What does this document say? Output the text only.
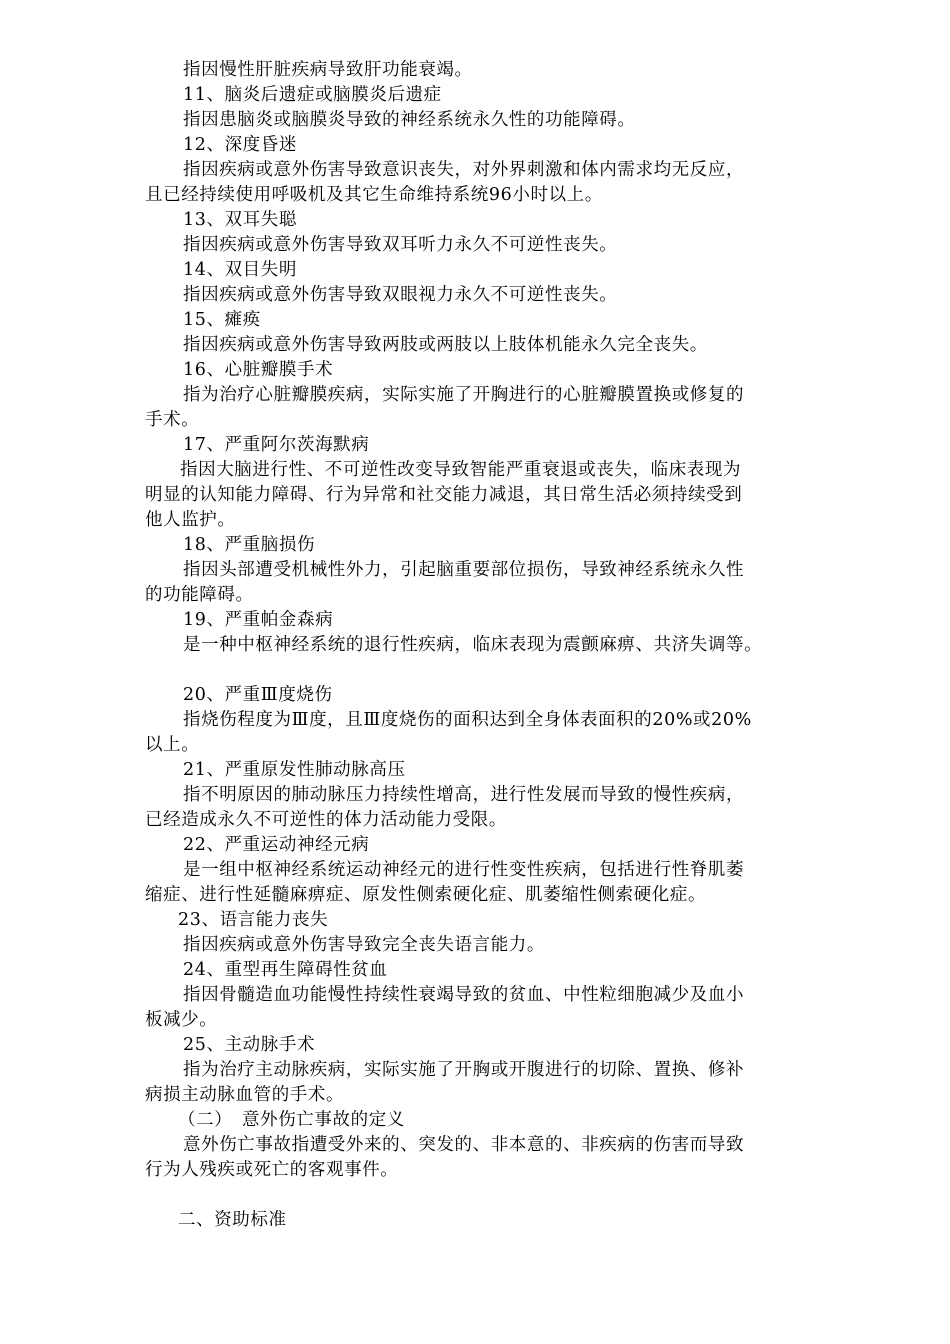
指因慢性肝脏疾病导致肝功能衰竭。
11、脑炎后遗症或脑膜炎后遗症
指因患脑炎或脑膜炎导致的神经系统永久性的功能障碍。
12、深度昏迷
指因疾病或意外伤害导致意识丧失，对外界刺激和体内需求均无反应，
且已经持续使用呼吸机及其它生命维持系统96小时以上。
13、双耳失聪
指因疾病或意外伤害导致双耳听力永久不可逆性丧失。
14、双目失明
指因疾病或意外伤害导致双眼视力永久不可逆性丧失。
15、瘫痪
指因疾病或意外伤害导致两肢或两肢以上肢体机能永久完全丧失。
16、心脏瓣膜手术
指为治疗心脏瓣膜疾病，实际实施了开胸进行的心脏瓣膜置换或修复的
手术。
17、严重阿尔茨海默病
指因大脑进行性、不可逆性改变导致智能严重衰退或丧失，临床表现为
明显的认知能力障碍、行为异常和社交能力减退，其日常生活必须持续受到
他人监护。
18、严重脑损伤
指因头部遭受机械性外力，引起脑重要部位损伤，导致神经系统永久性
的功能障碍。
19、严重帕金森病
是一种中枢神经系统的退行性疾病，临床表现为震颤麻痹、共济失调等。
20、严重Ⅲ度烧伤
指烧伤程度为Ⅲ度，且Ⅲ度烧伤的面积达到全身体表面积的20%或20%
以上。
21、严重原发性肺动脉高压
指不明原因的肺动脉压力持续性增高，进行性发展而导致的慢性疾病，
已经造成永久不可逆性的体力活动能力受限。
22、严重运动神经元病
是一组中枢神经系统运动神经元的进行性变性疾病，包括进行性脊肌萎
缩症、进行性延髓麻痹症、原发性侧索硬化症、肌萎缩性侧索硬化症。
23、语言能力丧失
指因疾病或意外伤害导致完全丧失语言能力。
24、重型再生障碍性贫血
指因骨髓造血功能慢性持续性衰竭导致的贫血、中性粒细胞减少及血小
板减少。
25、主动脉手术
指为治疗主动脉疾病，实际实施了开胸或开腹进行的切除、置换、修补
病损主动脉血管的手术。
（二） 意外伤亡事故的定义
意外伤亡事故指遭受外来的、突发的、非本意的、非疾病的伤害而导致
行为人残疾或死亡的客观事件。
二、资助标准
